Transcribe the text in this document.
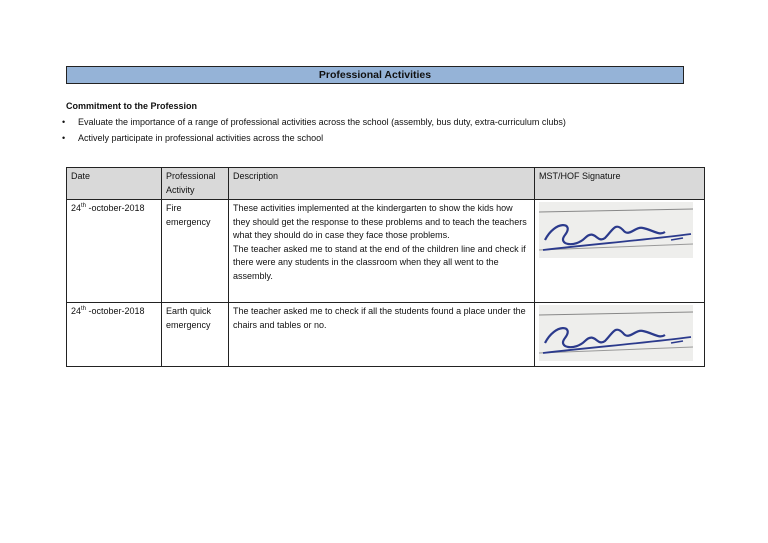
Professional Activities
Commitment to the Profession
• Evaluate the importance of a range of professional activities across the school (assembly, bus duty, extra-curriculum clubs)
• Actively participate in professional activities across the school
Date	Professional Activity	Description	MST/HOF Signature
24th -october-2018	Fire emergency	These activities implemented at the kindergarten to show the kids how they should get the response to these problems and to teach the teachers what they should do in case they face those problems.
The teacher asked me to stand at the end of the children line and check if there were any students in the classroom when they all went to the assembly.

24th -october-2018	Earth quick emergency	The teacher asked me to check if all the students found a place under the chairs and tables or no.	
